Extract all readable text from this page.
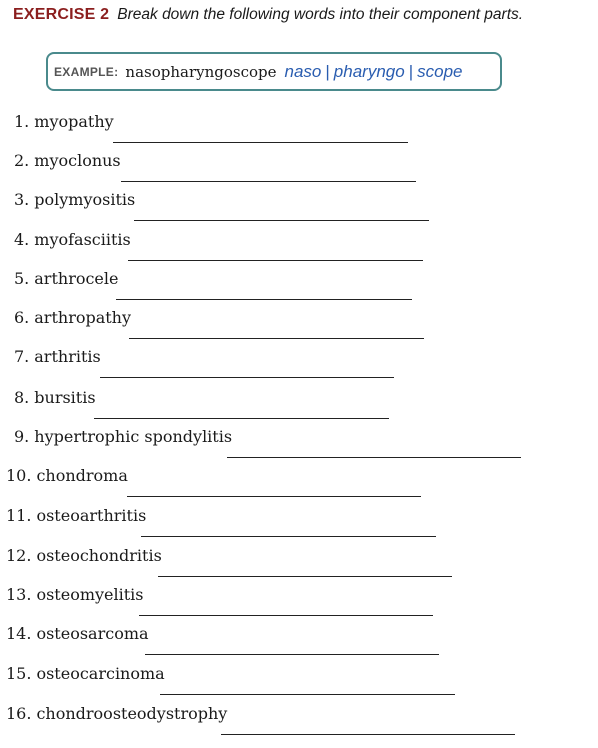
EXERCISE 2 Break down the following words into their component parts.
EXAMPLE: nasopharyngoscope naso | pharyngo | scope
1. myopathy
2. myoclonus
3. polymyositis
4. myofasciitis
5. arthrocele
6. arthropathy
7. arthritis
8. bursitis
9. hypertrophic spondylitis
10. chondroma
11. osteoarthritis
12. osteochondritis
13. osteomyelitis
14. osteosarcoma
15. osteocarcinoma
16. chondroosteodystrophy
